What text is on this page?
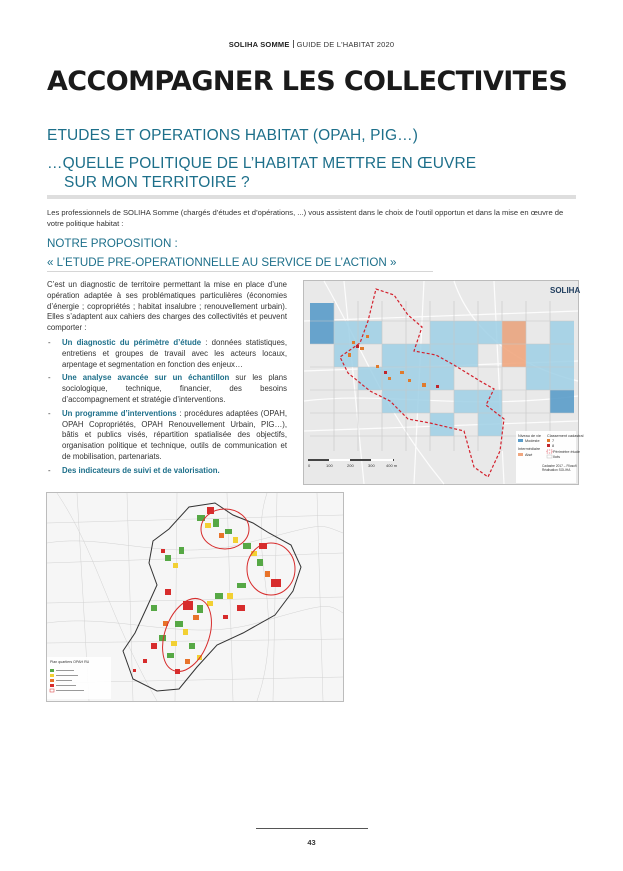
SOLIHA SOMME GUIDE DE L'HABITAT 2020
ACCOMPAGNER LES COLLECTIVITES
ETUDES ET OPERATIONS HABITAT (OPAH, PIG…)
…QUELLE POLITIQUE DE L’HABITAT METTRE EN ŒUVRE
SUR MON TERRITOIRE ?
Les professionnels de SOLIHA Somme (chargés d’études et d’opérations, ...) vous assistent dans le choix de l’outil opportun et dans la mise en œuvre de votre politique habitat :
NOTRE PROPOSITION :
« L’ETUDE PRE-OPERATIONNELLE AU SERVICE DE L’ACTION »
C’est un diagnostic de territoire permettant la mise en place d’une opération adaptée à ses problématiques particulières (économies d’énergie ; copropriétés ; habitat insalubre ; renouvellement urbain). Elles s’adaptent aux cahiers des charges des collectivités et peuvent comporter :
- Un diagnostic du périmètre d’étude : données statistiques, entretiens et groupes de travail avec les acteurs locaux, arpentage et segmentation en fonction des enjeux…
- Une analyse avancée sur un échantillon sur les plans sociologique, technique, financier, des besoins d’accompagnement et stratégie d’interventions.
- Un programme d’interventions : procédures adaptées (OPAH, OPAH Copropriétés, OPAH Renouvellement Urbain, PIG…), bâtis et publics visés, répartition spatialisée des objectifs, organisation politique et technique, outils de communication et de mobilisation, partenariats.
- Des indicateurs de suivi et de valorisation.
SOLIHA
0	100	200	300	400 m
Niveau de vie
Modeste
Intermédiaire
Aisé
Classement cadastral
7
8
Périmètre étude
Ilots
Cadastre 2017 – Filosofi
Réalisation SOLIHA
Plan quartiers OPAH RU
43
